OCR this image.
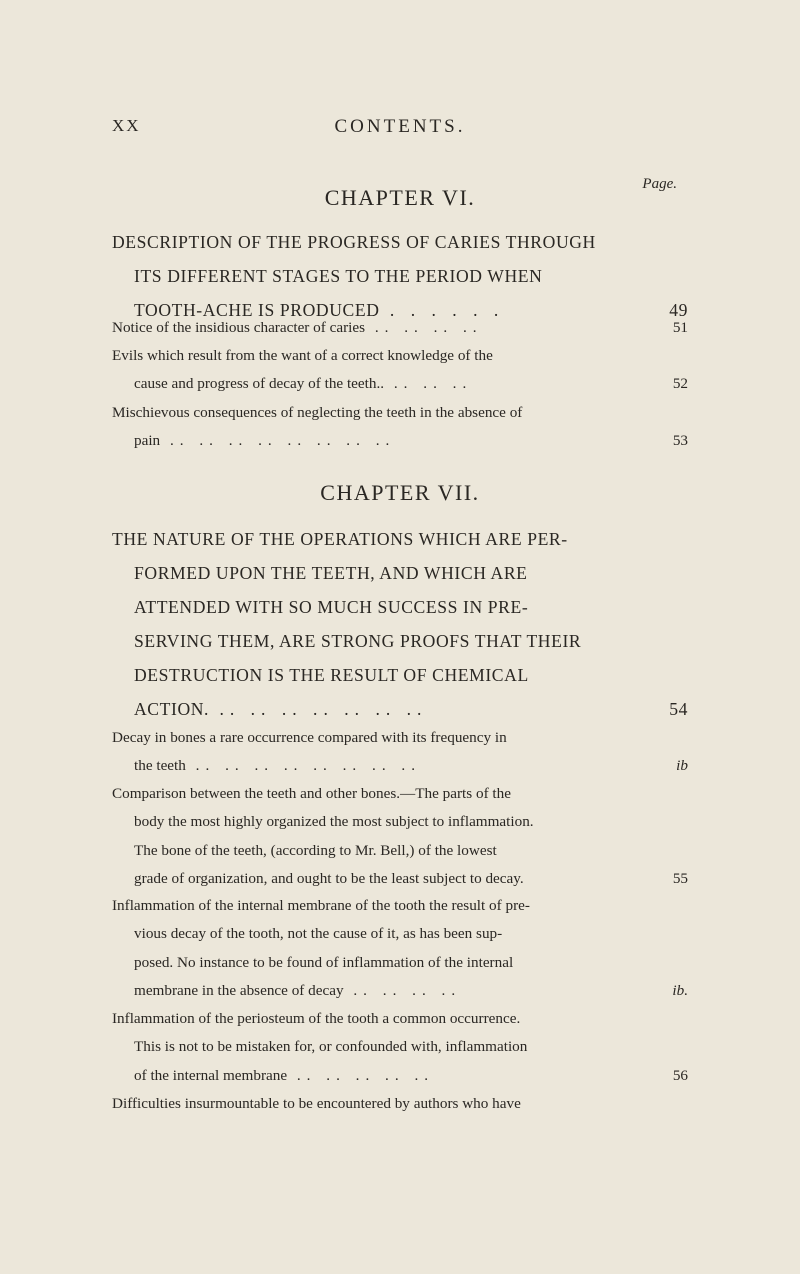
CONTENTS.
XX
Page.
CHAPTER VI.
DESCRIPTION OF THE PROGRESS OF CARIES THROUGH
ITS DIFFERENT STAGES TO THE PERIOD WHEN
TOOTH-ACHE IS PRODUCED . . . . . .	49
Notice of the insidious character of caries .. .. .. ..	51
Evils which result from the want of a correct knowledge of the
cause and progress of decay of the teeth.. .. .. ..	52
Mischievous consequences of neglecting the teeth in the absence of
pain .. .. .. .. .. .. .. ..	53
CHAPTER VII.
THE NATURE OF THE OPERATIONS WHICH ARE PER-
FORMED UPON THE TEETH, AND WHICH ARE
ATTENDED WITH SO MUCH SUCCESS IN PRE-
SERVING THEM, ARE STRONG PROOFS THAT THEIR
DESTRUCTION IS THE RESULT OF CHEMICAL
ACTION. .. .. .. .. .. .. ..	54
Decay in bones a rare occurrence compared with its frequency in
the teeth .. .. .. .. .. .. .. ..	ib
Comparison between the teeth and other bones.—The parts of the
body the most highly organized the most subject to inflammation.
The bone of the teeth, (according to Mr. Bell,) of the lowest
grade of organization, and ought to be the least subject to decay.	55
Inflammation of the internal membrane of the tooth the result of pre-
vious decay of the tooth, not the cause of it, as has been sup-
posed. No instance to be found of inflammation of the internal
membrane in the absence of decay .. .. .. ..	ib.
Inflammation of the periosteum of the tooth a common occurrence.
This is not to be mistaken for, or confounded with, inflammation
of the internal membrane .. .. .. .. ..	56
Difficulties insurmountable to be encountered by authors who have
